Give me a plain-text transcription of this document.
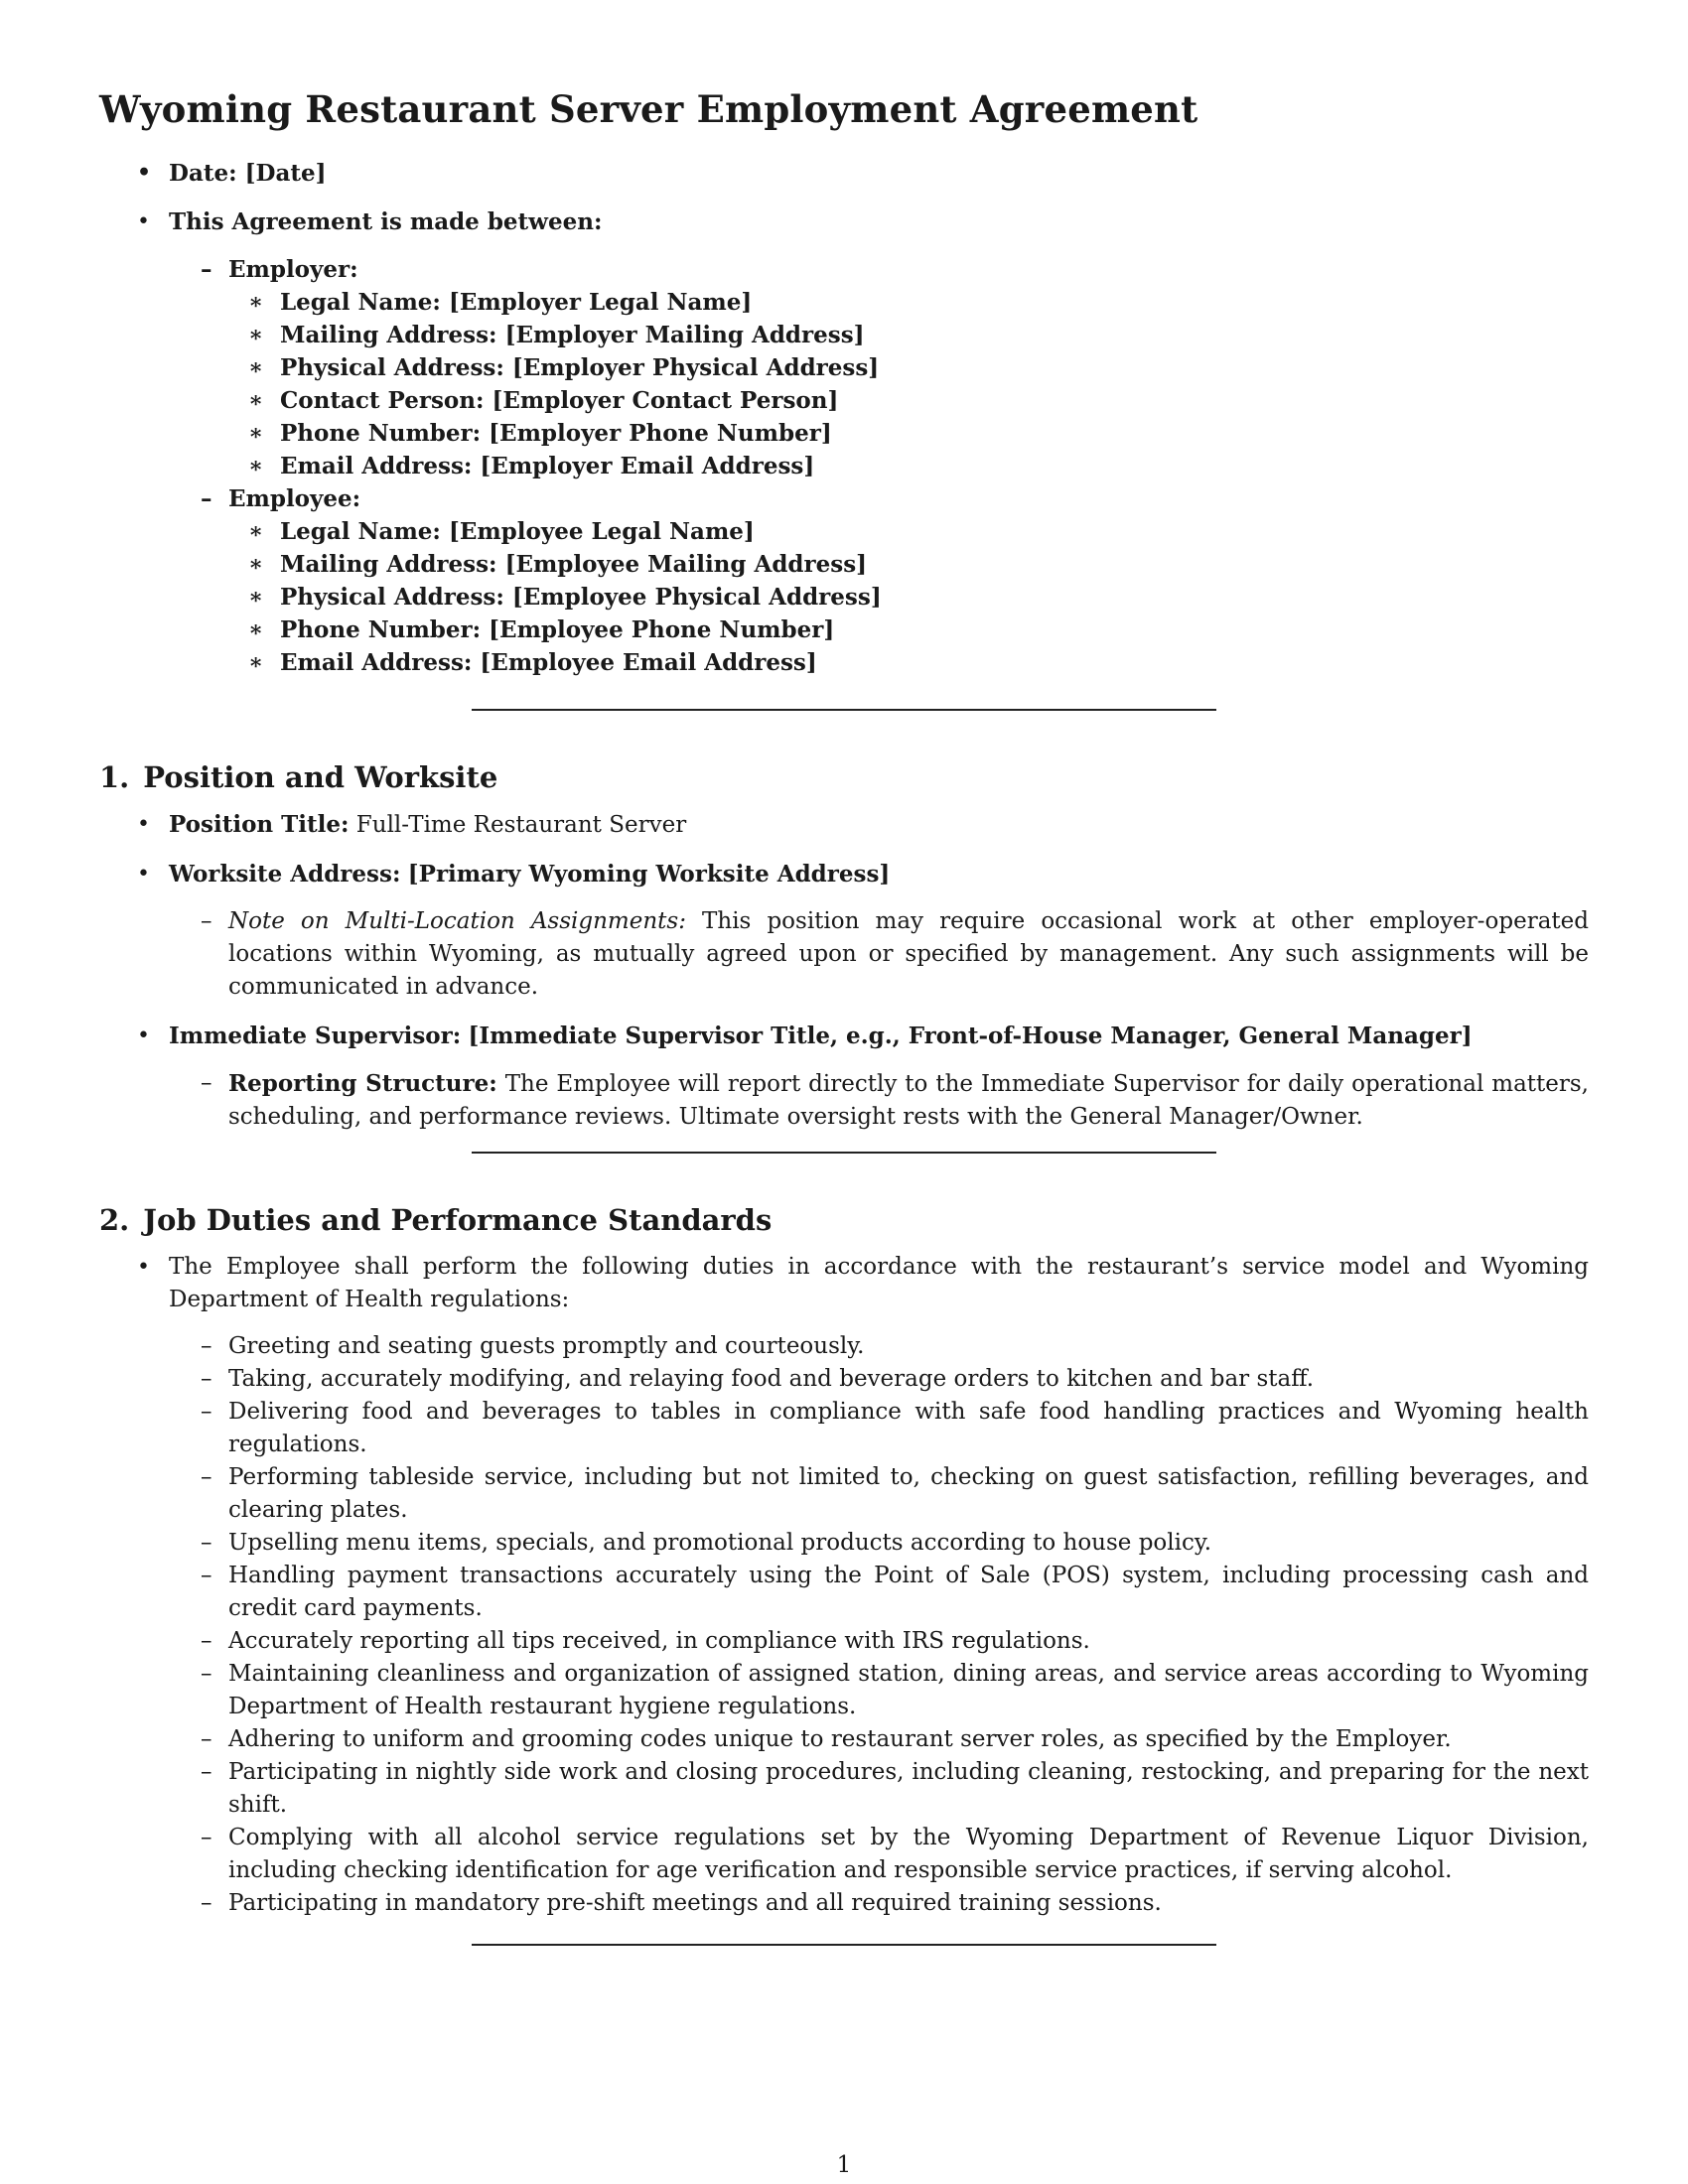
Wyoming Restaurant Server Employment Agreement
• Date: [Date]
• This Agreement is made between:
– Employer:
∗ Legal Name: [Employer Legal Name]
∗ Mailing Address: [Employer Mailing Address]
∗ Physical Address: [Employer Physical Address]
∗ Contact Person: [Employer Contact Person]
∗ Phone Number: [Employer Phone Number]
∗ Email Address: [Employer Email Address]
– Employee:
∗ Legal Name: [Employee Legal Name]
∗ Mailing Address: [Employee Mailing Address]
∗ Physical Address: [Employee Physical Address]
∗ Phone Number: [Employee Phone Number]
∗ Email Address: [Employee Email Address]
1. Position and Worksite
• Position Title: Full-Time Restaurant Server
• Worksite Address: [Primary Wyoming Worksite Address]
– Note on Multi-Location Assignments: This position may require occasional work at other employer-operated locations within Wyoming, as mutually agreed upon or specified by management. Any such assignments will be communicated in advance.
• Immediate Supervisor: [Immediate Supervisor Title, e.g., Front-of-House Manager, General Manager]
– Reporting Structure: The Employee will report directly to the Immediate Supervisor for daily operational matters, scheduling, and performance reviews. Ultimate oversight rests with the General Manager/Owner.
2. Job Duties and Performance Standards
• The Employee shall perform the following duties in accordance with the restaurant’s service model and Wyoming Department of Health regulations:
– Greeting and seating guests promptly and courteously.
– Taking, accurately modifying, and relaying food and beverage orders to kitchen and bar staff.
– Delivering food and beverages to tables in compliance with safe food handling practices and Wyoming health regulations.
– Performing tableside service, including but not limited to, checking on guest satisfaction, refilling beverages, and clearing plates.
– Upselling menu items, specials, and promotional products according to house policy.
– Handling payment transactions accurately using the Point of Sale (POS) system, including processing cash and credit card payments.
– Accurately reporting all tips received, in compliance with IRS regulations.
– Maintaining cleanliness and organization of assigned station, dining areas, and service areas according to Wyoming Department of Health restaurant hygiene regulations.
– Adhering to uniform and grooming codes unique to restaurant server roles, as specified by the Employer.
– Participating in nightly side work and closing procedures, including cleaning, restocking, and preparing for the next shift.
– Complying with all alcohol service regulations set by the Wyoming Department of Revenue Liquor Division, including checking identification for age verification and responsible service practices, if serving alcohol.
– Participating in mandatory pre-shift meetings and all required training sessions.
1
